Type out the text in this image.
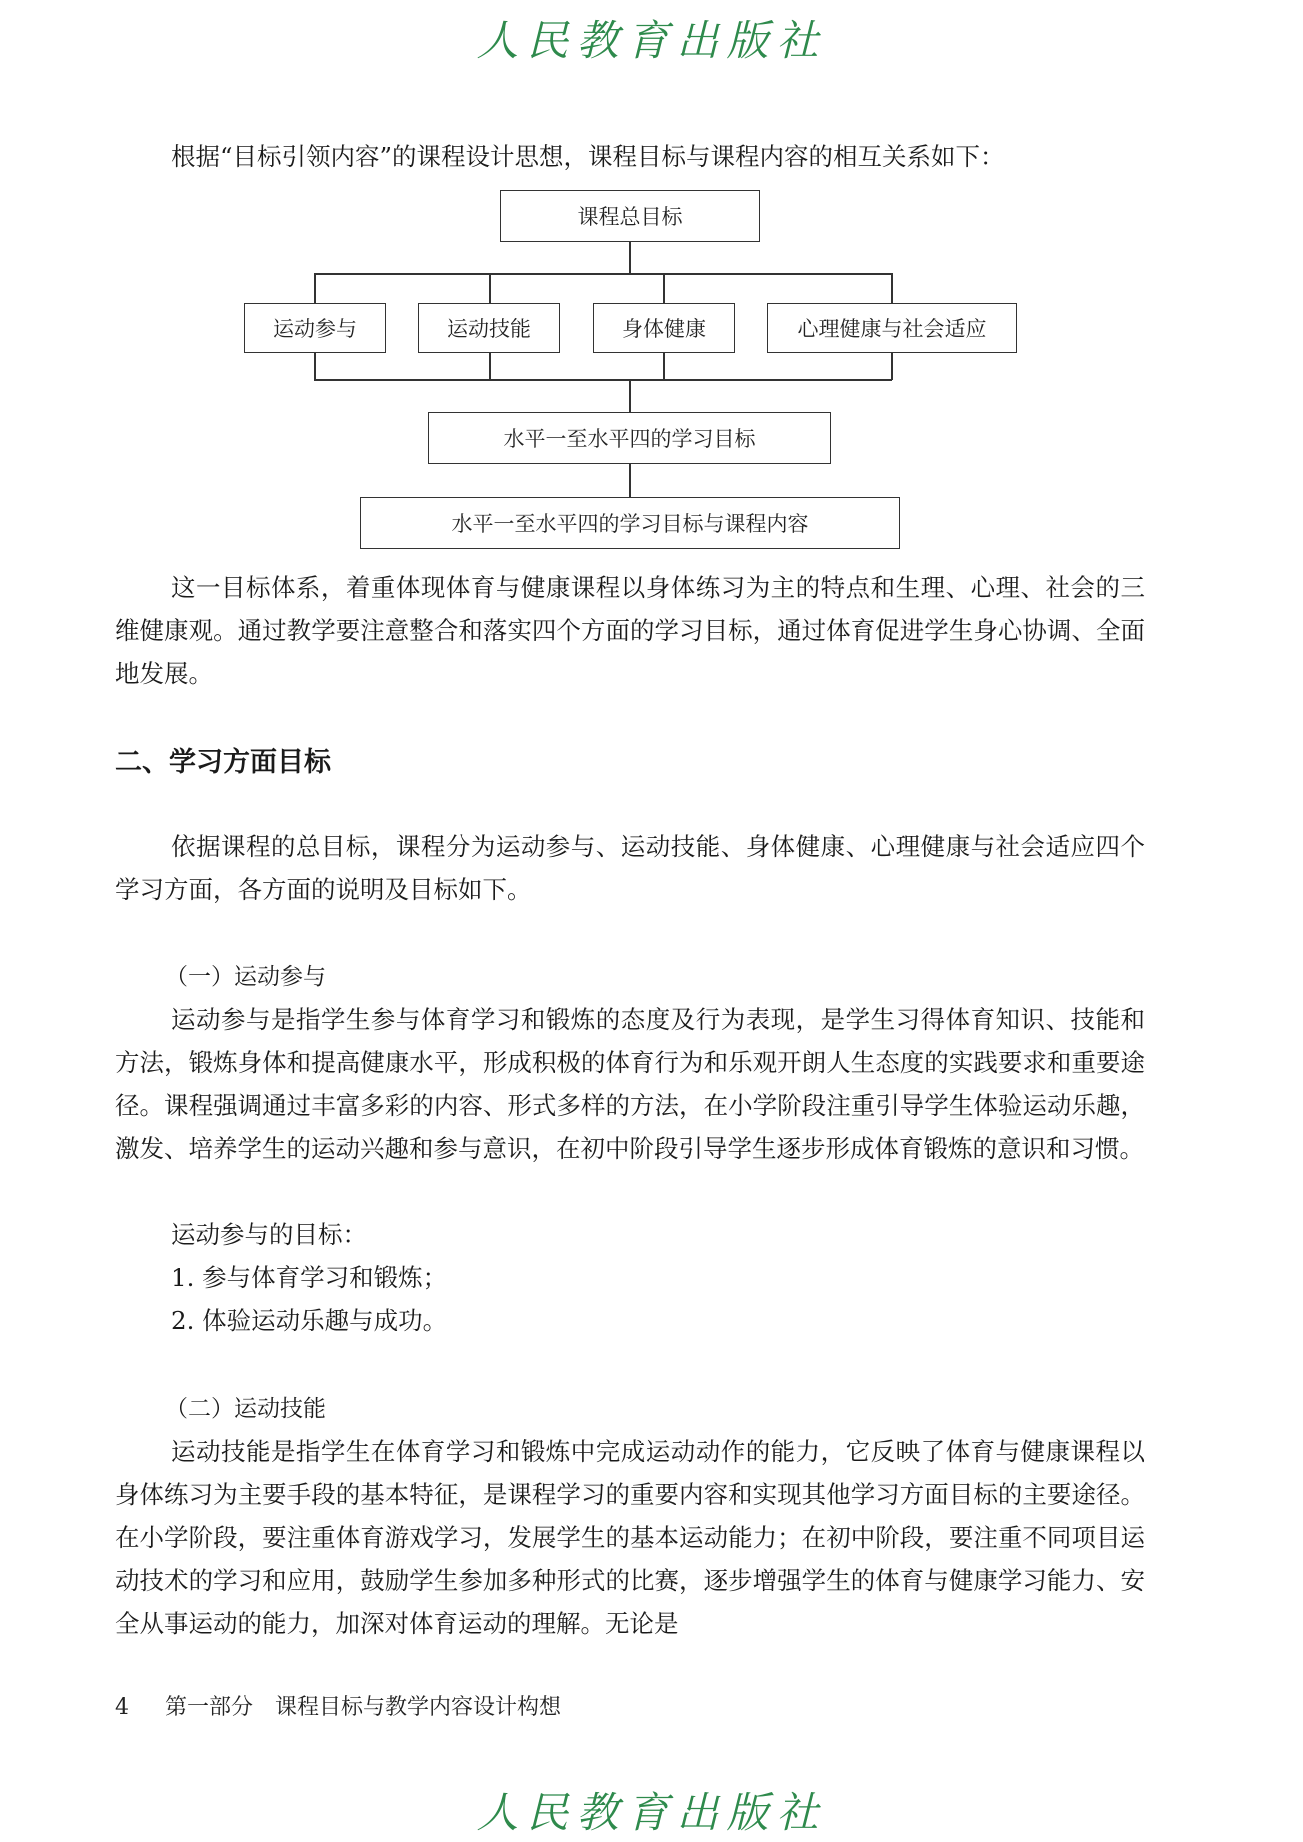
人民教育出版社

根据“目标引领内容”的课程设计思想，课程目标与课程内容的相互关系如下：

课程总目标
运动参与	运动技能	身体健康	心理健康与社会适应
水平一至水平四的学习目标
水平一至水平四的学习目标与课程内容

这一目标体系，着重体现体育与健康课程以身体练习为主的特点和生理、心理、社会的三维健康观。通过教学要注意整合和落实四个方面的学习目标，通过体育促进学生身心协调、全面地发展。

二、学习方面目标

依据课程的总目标，课程分为运动参与、运动技能、身体健康、心理健康与社会适应四个学习方面，各方面的说明及目标如下。

（一）运动参与

运动参与是指学生参与体育学习和锻炼的态度及行为表现，是学生习得体育知识、技能和方法，锻炼身体和提高健康水平，形成积极的体育行为和乐观开朗人生态度的实践要求和重要途径。课程强调通过丰富多彩的内容、形式多样的方法，在小学阶段注重引导学生体验运动乐趣，激发、培养学生的运动兴趣和参与意识，在初中阶段引导学生逐步形成体育锻炼的意识和习惯。

运动参与的目标：

1. 参与体育学习和锻炼；

2. 体验运动乐趣与成功。

（二）运动技能

运动技能是指学生在体育学习和锻炼中完成运动动作的能力，它反映了体育与健康课程以身体练习为主要手段的基本特征，是课程学习的重要内容和实现其他学习方面目标的主要途径。在小学阶段，要注重体育游戏学习，发展学生的基本运动能力；在初中阶段，要注重不同项目运动技术的学习和应用，鼓励学生参加多种形式的比赛，逐步增强学生的体育与健康学习能力、安全从事运动的能力，加深对体育运动的理解。无论是

4 第一部分　课程目标与教学内容设计构想
人民教育出版社
